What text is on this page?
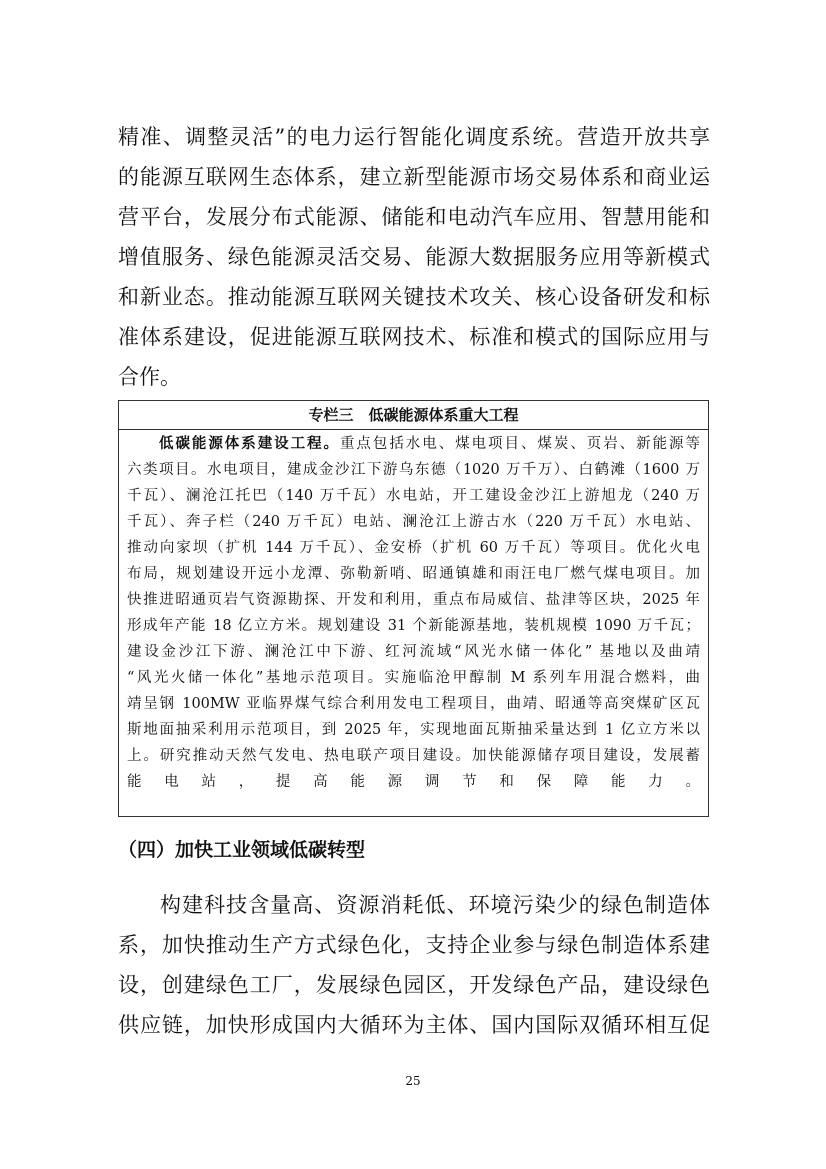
精准、调整灵活”的电力运行智能化调度系统。营造开放共享
的能源互联网生态体系，建立新型能源市场交易体系和商业运
营平台，发展分布式能源、储能和电动汽车应用、智慧用能和
增值服务、绿色能源灵活交易、能源大数据服务应用等新模式
和新业态。推动能源互联网关键技术攻关、核心设备研发和标
准体系建设，促进能源互联网技术、标准和模式的国际应用与
合作。
专栏三　低碳能源体系重大工程
低碳能源体系建设工程。重点包括水电、煤电项目、煤炭、页岩、新能源等
六类项目。水电项目，建成金沙江下游乌东德（1020 万千万）、白鹤滩（1600 万
千瓦）、澜沧江托巴（140 万千瓦）水电站，开工建设金沙江上游旭龙（240 万
千瓦）、奔子栏（240 万千瓦）电站、澜沧江上游古水（220 万千瓦）水电站、
推动向家坝（扩机 144 万千瓦）、金安桥（扩机 60 万千瓦）等项目。优化火电
布局，规划建设开远小龙潭、弥勒新哨、昭通镇雄和雨汪电厂燃气煤电项目。加
快推进昭通页岩气资源勘探、开发和利用，重点布局威信、盐津等区块，2025 年
形成年产能 18 亿立方米。规划建设 31 个新能源基地，装机规模 1090 万千瓦；
建设金沙江下游、澜沧江中下游、红河流域“风光水储一体化” 基地以及曲靖
“风光火储一体化”基地示范项目。实施临沧甲醇制 M 系列车用混合燃料，曲
靖呈钢 100MW 亚临界煤气综合利用发电工程项目，曲靖、昭通等高突煤矿区瓦
斯地面抽采利用示范项目，到 2025 年，实现地面瓦斯抽采量达到 1 亿立方米以
上。研究推动天然气发电、热电联产项目建设。加快能源储存项目建设，发展蓄
能电站，提高能源调节和保障能力。
（四）加快工业领域低碳转型
构建科技含量高、资源消耗低、环境污染少的绿色制造体
系，加快推动生产方式绿色化，支持企业参与绿色制造体系建
设，创建绿色工厂，发展绿色园区，开发绿色产品，建设绿色
供应链，加快形成国内大循环为主体、国内国际双循环相互促
25
